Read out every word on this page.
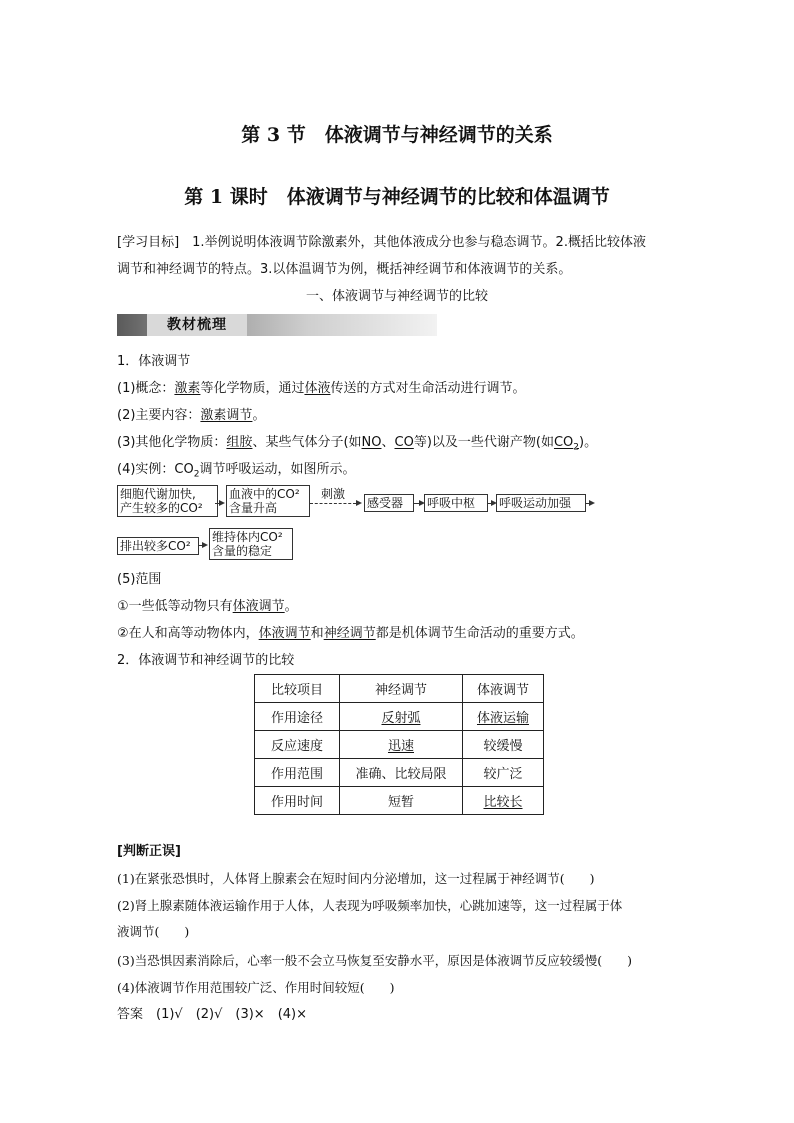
第 3 节　体液调节与神经调节的关系
第 1 课时　体液调节与神经调节的比较和体温调节
[学习目标]　1.举例说明体液调节除激素外，其他体液成分也参与稳态调节。2.概括比较体液
调节和神经调节的特点。3.以体温调节为例，概括神经调节和体液调节的关系。
一、体液调节与神经调节的比较
教材梳理
1．体液调节
(1)概念：激素等化学物质，通过体液传送的方式对生命活动进行调节。
(2)主要内容：激素调节。
(3)其他化学物质：组胺、某些气体分子(如NO、CO等)以及一些代谢产物(如$CO_2$)。
(4)实例：$CO_2$调节呼吸运动，如图所示。
细胞代谢加快,
产生较多的CO²
血液中的CO²
含量升高
刺激
感受器	呼吸中枢	呼吸运动加强
排出较多CO²
维持体内CO²
含量的稳定
(5)范围
①一些低等动物只有体液调节。
②在人和高等动物体内，体液调节和神经调节都是机体调节生命活动的重要方式。
2．体液调节和神经调节的比较
比较项目	神经调节	体液调节
作用途径	反射弧	体液运输
反应速度	迅速	较缓慢
作用范围	准确、比较局限	较广泛
作用时间	短暂	比较长
[判断正误]
(1)在紧张恐惧时，人体肾上腺素会在短时间内分泌增加，这一过程属于神经调节(　　)
(2)肾上腺素随体液运输作用于人体，人表现为呼吸频率加快，心跳加速等，这一过程属于体
液调节(　　)
(3)当恐惧因素消除后，心率一般不会立马恢复至安静水平，原因是体液调节反应较缓慢(　　)
(4)体液调节作用范围较广泛、作用时间较短(　　)
答案　(1)√　(2)√　(3)×　(4)×
